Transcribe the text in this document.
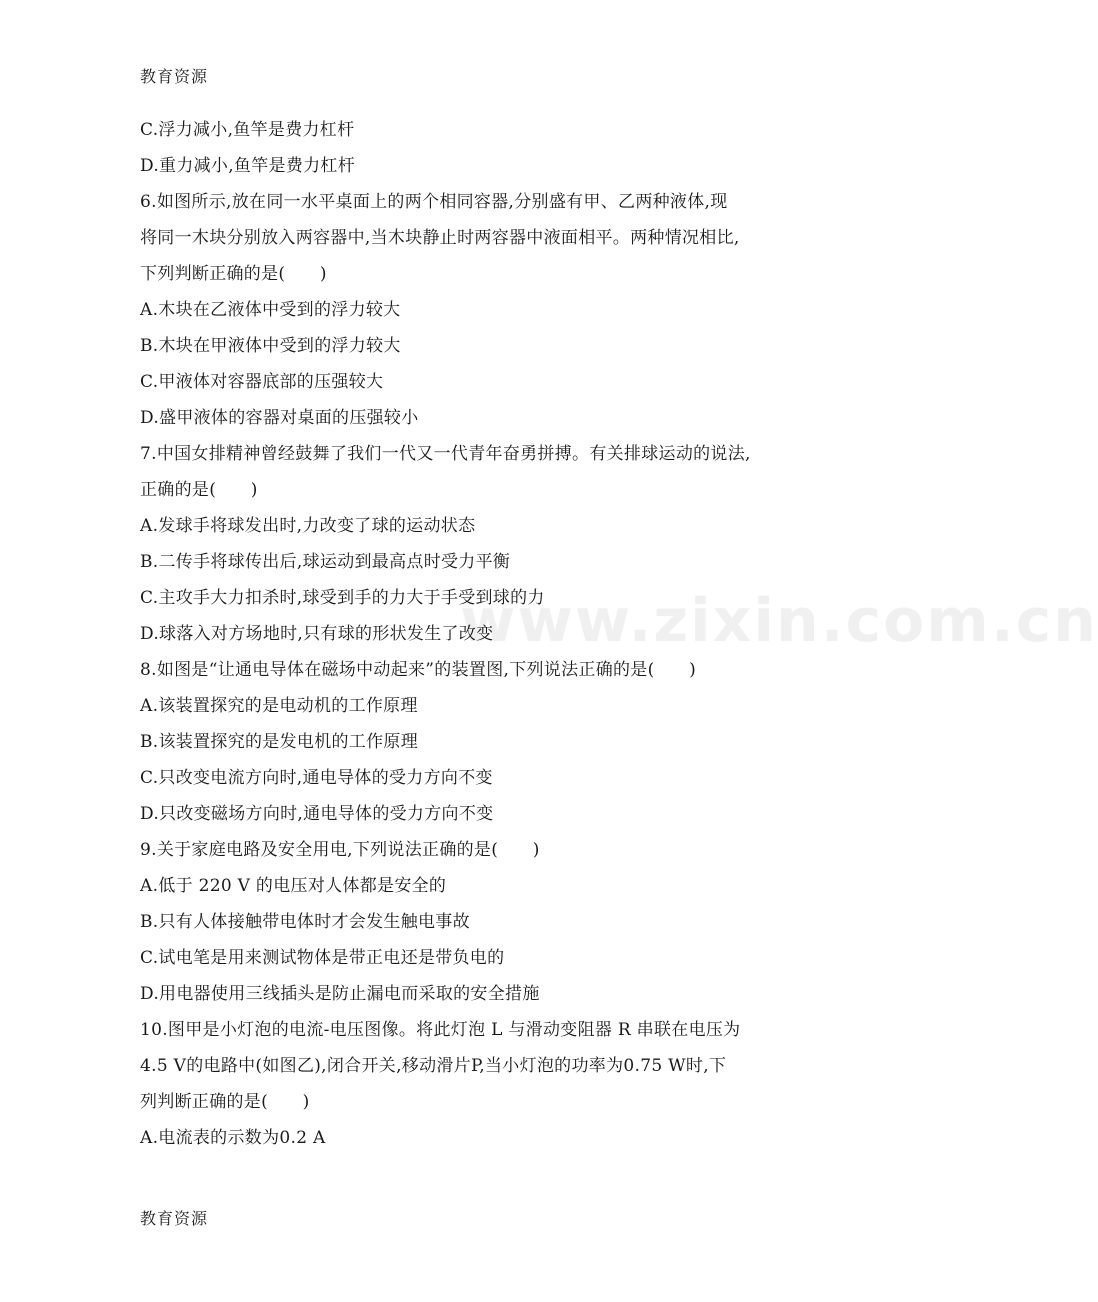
教育资源
www.zixin.com.cn
C.浮力减小,鱼竿是费力杠杆
D.重力减小,鱼竿是费力杠杆
6.如图所示,放在同一水平桌面上的两个相同容器,分别盛有甲、乙两种液体,现
将同一木块分别放入两容器中,当木块静止时两容器中液面相平。两种情况相比,
下列判断正确的是(　　)
A.木块在乙液体中受到的浮力较大
B.木块在甲液体中受到的浮力较大
C.甲液体对容器底部的压强较大
D.盛甲液体的容器对桌面的压强较小
7.中国女排精神曾经鼓舞了我们一代又一代青年奋勇拼搏。有关排球运动的说法,
正确的是(　　)
A.发球手将球发出时,力改变了球的运动状态
B.二传手将球传出后,球运动到最高点时受力平衡
C.主攻手大力扣杀时,球受到手的力大于手受到球的力
D.球落入对方场地时,只有球的形状发生了改变
8.如图是“让通电导体在磁场中动起来”的装置图,下列说法正确的是(　　)
A.该装置探究的是电动机的工作原理
B.该装置探究的是发电机的工作原理
C.只改变电流方向时,通电导体的受力方向不变
D.只改变磁场方向时,通电导体的受力方向不变
9.关于家庭电路及安全用电,下列说法正确的是(　　)
A.低于 220 V 的电压对人体都是安全的
B.只有人体接触带电体时才会发生触电事故
C.试电笔是用来测试物体是带正电还是带负电的
D.用电器使用三线插头是防止漏电而采取的安全措施
10.图甲是小灯泡的电流-电压图像。将此灯泡 L 与滑动变阻器 R 串联在电压为
4.5 V的电路中(如图乙),闭合开关,移动滑片P,当小灯泡的功率为0.75 W时,下
列判断正确的是(　　)
A.电流表的示数为0.2 A
教育资源
